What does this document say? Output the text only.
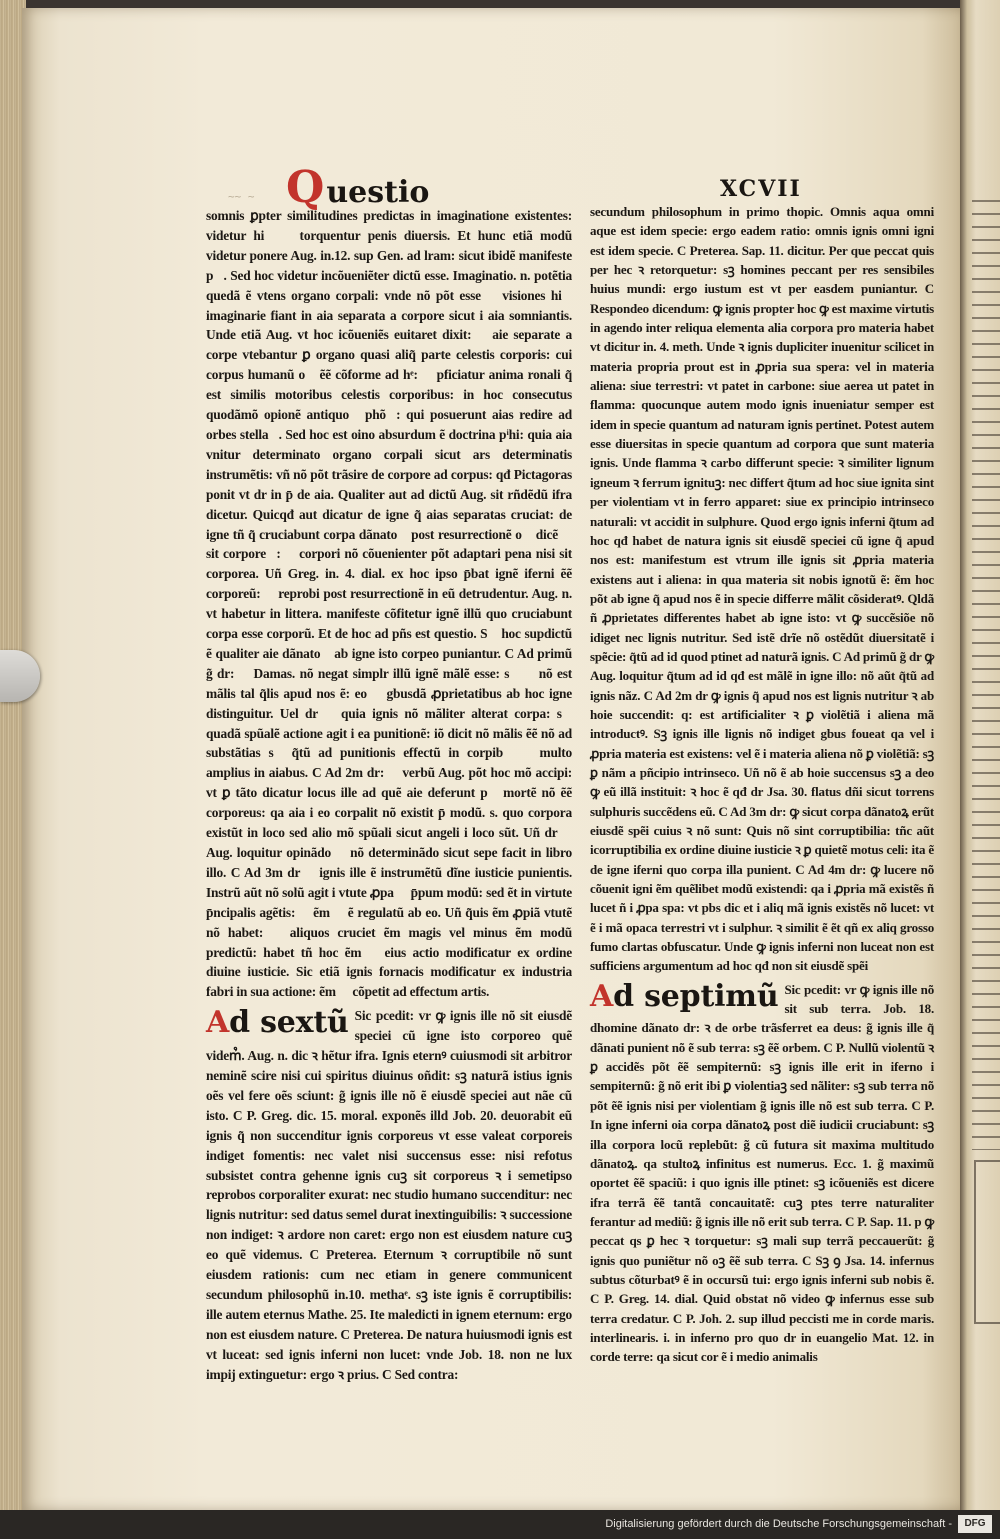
~~ ~ Q uestio	XCVII

somnis ꝑpter similitudines predictas in imaginatione existentes: videtur hi᷒ ꝙ torquentur penis diuersis. Et hunc etiã modũ videtur ponere Aug. in.12. sup Gen. ad lram: sicut ibidẽ manifeste pꝫ. Sed hoc videtur incõueniẽter dictũ esse. Imaginatio. n. potẽtia quedã ẽ vtens organo corpali: vnde nõ põt esse ꝙ visiones hi᷒ imaginarie fiant in aia separata a corpore sicut i aia somniantis. Unde etiã Aug. vt hoc icõueniẽs euitaret dixit: ꝙ aie separate a corpe vtebantur ꝑ organo quasi aliq̃ parte celestis corporis: cui corpus humanũ oꝫ ẽẽ cõforme ad hᵉ: ꝙ pficiatur anima ronali q̃ est similis motoribus celestis corporibus: in hoc consecutus quodãmõ opionẽ antiquoꝝ phõꝝ: qui posuerunt aias redire ad orbes stellaꝝ. Sed hoc est oino absurdum ẽ doctrina pͥhi: quia aia vnitur determinato organo corpali sicut ars determinatis instrumẽtis: vñ nõ põt trãsire de corpore ad corpus: qđ Pictagoras ponit vt dr in p̄ de aia. Qualiter aut ad dictũ Aug. sit rñdẽdũ ifra dicetur. Quicqđ aut dicatur de igne q̃ aias separatas cruciat: de igne tñ q̃ cruciabunt corpa dãnatoꝝ post resurrectionẽ oꝫ dicẽ ꝙ sit corpore᷒: ꝙ corpori nõ cõuenienter põt adaptari pena nisi sit corporea. Uñ Greg. in. 4. dial. ex hoc ipso p̄bat ignẽ iferni ẽẽ corporeũ: ꝙ reprobi post resurrectionẽ in eũ detrudentur. Aug. n. vt habetur in littera. manifeste cõfitetur ignẽ illũ quo cruciabunt corpa esse corporũ. Et de hoc ad pñs est questio. Sꝫ hoc supdictũ ẽ qualiter aie dãnatoꝝ ab igne isto corpeo puniantur. C Ad primũ g̃ dr: ꝙ Damas. nõ negat simplr illũ ignẽ mãlẽ esse: sꝫ ꝙ nõ est mãlis tal q̃lis apud nos ẽ: eo ꝙ gbusdã ꝓprietatibus ab hoc igne distinguitur. Uel dr ꝙ quia ignis nõ mãliter alterat corpa: sꝫ quadã spũalẽ actione agit i ea punitionẽ: iõ dicit nõ mãlis ẽẽ nõ ad substãtias sꝫ q̃tũ ad punitionis effectũ in corpib᷒ ꝛ multo amplius in aiabus. C Ad 2m dr: ꝙ verbũ Aug. põt hoc mõ accipi: vt ꝑ tãto dicatur locus ille ad quẽ aie deferunt p᷒ mortẽ nõ ẽẽ corporeus: qa aia i eo corpalit nõ existit p̄ modũ. s. quo corpora existũt in loco sed alio mõ spũali sicut angeli i loco sũt. Uñ dr ꝙ Aug. loquitur opinãdo ꝛ nõ determinãdo sicut sepe facit in libro illo. C Ad 3m dr ꝙ ignis ille ẽ instrumẽtũ dĩne iusticie punientis. Instrũ aũt nõ solũ agit i vtute ꝓpa ꝛ p̄pum modũ: sed ẽt in virtute p̄ncipalis agẽtis: ꝛ ẽm ꝙ ẽ regulatũ ab eo. Uñ q̃uis ẽm ꝓpiã vtutẽ nõ habet: ꝙ aliquos cruciet ẽm magis vel minus ẽm modũ predictũ: habet tñ hoc ẽm ꝙ eius actio modificatur ex ordine diuine iusticie. Sic etiã ignis fornacis modificatur ex industria fabri in sua actione: ẽm ꝙ cõpetit ad effectum artis.

Ad sextũ Sic pcedit: vr ꝙ ignis ille nõ sit eiusdẽ speciei cũ igne isto corporeo quẽ videm᷒. Aug. n. dic ꝛ hẽtur ifra. Ignis eternꝰ cuiusmodi sit arbitror neminẽ scire nisi cui spiritus diuinus oñdit: sꝫ naturã istius ignis oẽs vel fere oẽs sciunt: g̃ ignis ille nõ ẽ eiusdẽ speciei aut nãe cũ isto. C P. Greg. dic. 15. moral. exponẽs illd Job. 20. deuorabit eũ ignis q̃ non succenditur ignis corporeus vt esse valeat corporeis indiget fomentis: nec valet nisi succensus esse: nisi refotus subsistet contra gehenne ignis cuꝫ sit corporeus ꝛ i semetipso reprobos corporaliter exurat: nec studio humano succenditur: nec lignis nutritur: sed datus semel durat inextinguibilis: ꝛ successione non indiget: ꝛ ardore non caret: ergo non est eiusdem nature cuꝫ eo quẽ videmus. C Preterea. Eternum ꝛ corruptibile nõ sunt eiusdem rationis: cum nec etiam in genere communicent secundum philosophũ in.10. methaᵉ. sꝫ iste ignis ẽ corruptibilis: ille autem eternus Mathe. 25. Ite maledicti in ignem eternum: ergo non est eiusdem nature. C Preterea. De natura huiusmodi ignis est vt luceat: sed ignis inferni non lucet: vnde Job. 18. non ne lux impij extinguetur: ergo ꝛ prius. C Sed contra:

secundum philosophum in primo thopic. Omnis aqua omni aque est idem specie: ergo eadem ratio: omnis ignis omni igni est idem specie. C Preterea. Sap. 11. dicitur. Per que peccat quis per hec ꝛ retorquetur: sꝫ homines peccant per res sensibiles huius mundi: ergo iustum est vt per easdem puniantur. C Respondeo dicendum: ꝙ ignis propter hoc ꝙ est maxime virtutis in agendo inter reliqua elementa alia corpora pro materia habet vt dicitur in. 4. meth. Unde ꝛ ignis dupliciter inuenitur scilicet in materia propria prout est in ꝓpria sua spera: vel in materia aliena: siue terrestri: vt patet in carbone: siue aerea ut patet in flamma: quocunque autem modo ignis inueniatur semper est idem in specie quantum ad naturam ignis pertinet. Potest autem esse diuersitas in specie quantum ad corpora que sunt materia ignis. Unde flamma ꝛ carbo differunt specie: ꝛ similiter lignum igneum ꝛ ferrum ignituꝫ: nec differt q̃tum ad hoc siue ignita sint per violentiam vt in ferro apparet: siue ex principio intrinseco naturali: vt accidit in sulphure. Quod ergo ignis inferni q̃tum ad hoc qđ habet de natura ignis sit eiusdẽ speciei cũ igne q̃ apud nos est: manifestum est vtrum ille ignis sit ꝓpria materia existens aut i aliena: in qua materia sit nobis ignotũ ẽ: ẽm hoc põt ab igne q̃ apud nos ẽ in specie differre mãlit cõsideratꝰ. Qldã ñ ꝓprietates differentes habet ab igne isto: vt ꝙ succẽsiõe nõ idiget nec lignis nutritur. Sed istẽ drĩe nõ ostẽdũt diuersitatẽ i spẽcie: q̃tũ ad id quod ptinet ad naturã ignis. C Ad primũ g̃ dr ꝙ Aug. loquitur q̃tum ad id qđ est mãlẽ in igne illo: nõ aũt q̃tũ ad ignis nãz. C Ad 2m dr ꝙ ignis q̃ apud nos est lignis nutritur ꝛ ab hoie succendit: q: est artificialiter ꝛ ꝑ violẽtiã i aliena mã introductꝰ. Sꝫ ignis ille lignis nõ indiget gbus foueat qa vel i ꝓpria materia est existens: vel ẽ i materia aliena nõ ꝑ violẽtiã: sꝫ ꝑ nãm a pñcipio intrinseco. Uñ nõ ẽ ab hoie succensus sꝫ a deo ꝙ eũ illã instituit: ꝛ hoc ẽ qđ dr Jsa. 30. flatus dñi sicut torrens sulphuris succẽdens eũ. C Ad 3m dr: ꝙ sicut corpa dãnatoꝝ erũt eiusdẽ spẽi cuius ꝛ nõ sunt: Quis nõ sint corruptibilia: tñc aũt icorruptibilia ex ordine diuine iusticie ꝛ ꝑ quietẽ motus celi: ita ẽ de igne iferni quo corpa illa punient. C Ad 4m dr: ꝙ lucere nõ cõuenit igni ẽm quẽlibet modũ existendi: qa i ꝓpria mã existẽs ñ lucet ñ i ꝓpa spa: vt pbs dic et i aliq mã ignis existẽs nõ lucet: vt ẽ i mã opaca terrestri vt i sulphur. ꝛ similit ẽ ẽt qñ ex aliq grosso fumo clartas obfuscatur. Unde ꝙ ignis inferni non luceat non est sufficiens argumentum ad hoc qđ non sit eiusdẽ spẽi

Ad septimũ Sic pcedit: vr ꝙ ignis ille nõ sit sub terra. Job. 18. dhomine dãnato dr: ꝛ de orbe trãsferret ea deus: g̃ ignis ille q̃ dãnati punient nõ ẽ sub terra: sꝫ ẽẽ orbem. C P. Nullũ violentũ ꝛ ꝑ accidẽs põt ẽẽ sempiternũ: sꝫ ignis ille erit in iferno i sempiternũ: g̃ nõ erit ibi ꝑ violentiaꝫ sed nãliter: sꝫ sub terra nõ põt ẽẽ ignis nisi per violentiam g̃ ignis ille nõ est sub terra. C P. In igne inferni oia corpa dãnatoꝝ post diẽ iudicii cruciabunt: sꝫ illa corpora locũ replebũt: g̃ cũ futura sit maxima multitudo dãnatoꝝ. qa stultoꝝ infinitus est numerus. Ecc. 1. g̃ maximũ oportet ẽẽ spaciũ: i quo ignis ille ptinet: sꝫ icõueniẽs est dicere ifra terrã ẽẽ tantã concauitatẽ: cuꝫ ptes terre naturaliter ferantur ad mediũ: g̃ ignis ille nõ erit sub terra. C P. Sap. 11. p ꝙ peccat qs ꝑ hec ꝛ torquetur: sꝫ mali sup terrã peccauerũt: g̃ ignis quo puniẽtur nõ oꝫ ẽẽ sub terra. C Sꝫ ꝯ Jsa. 14. infernus subtus cõturbatꝰ ẽ in occursũ tui: ergo ignis inferni sub nobis ẽ. C P. Greg. 14. dial. Quid obstat nõ video ꝙ infernus esse sub terra credatur. C P. Joh. 2. sup illud peccisti me in corde maris. interlinearis. i. in inferno pro quo dr in euangelio Mat. 12. in corde terre: qa sicut cor ẽ i medio animalis

Digitalisierung gefördert durch die Deutsche Forschungsgemeinschaft -	DFG
